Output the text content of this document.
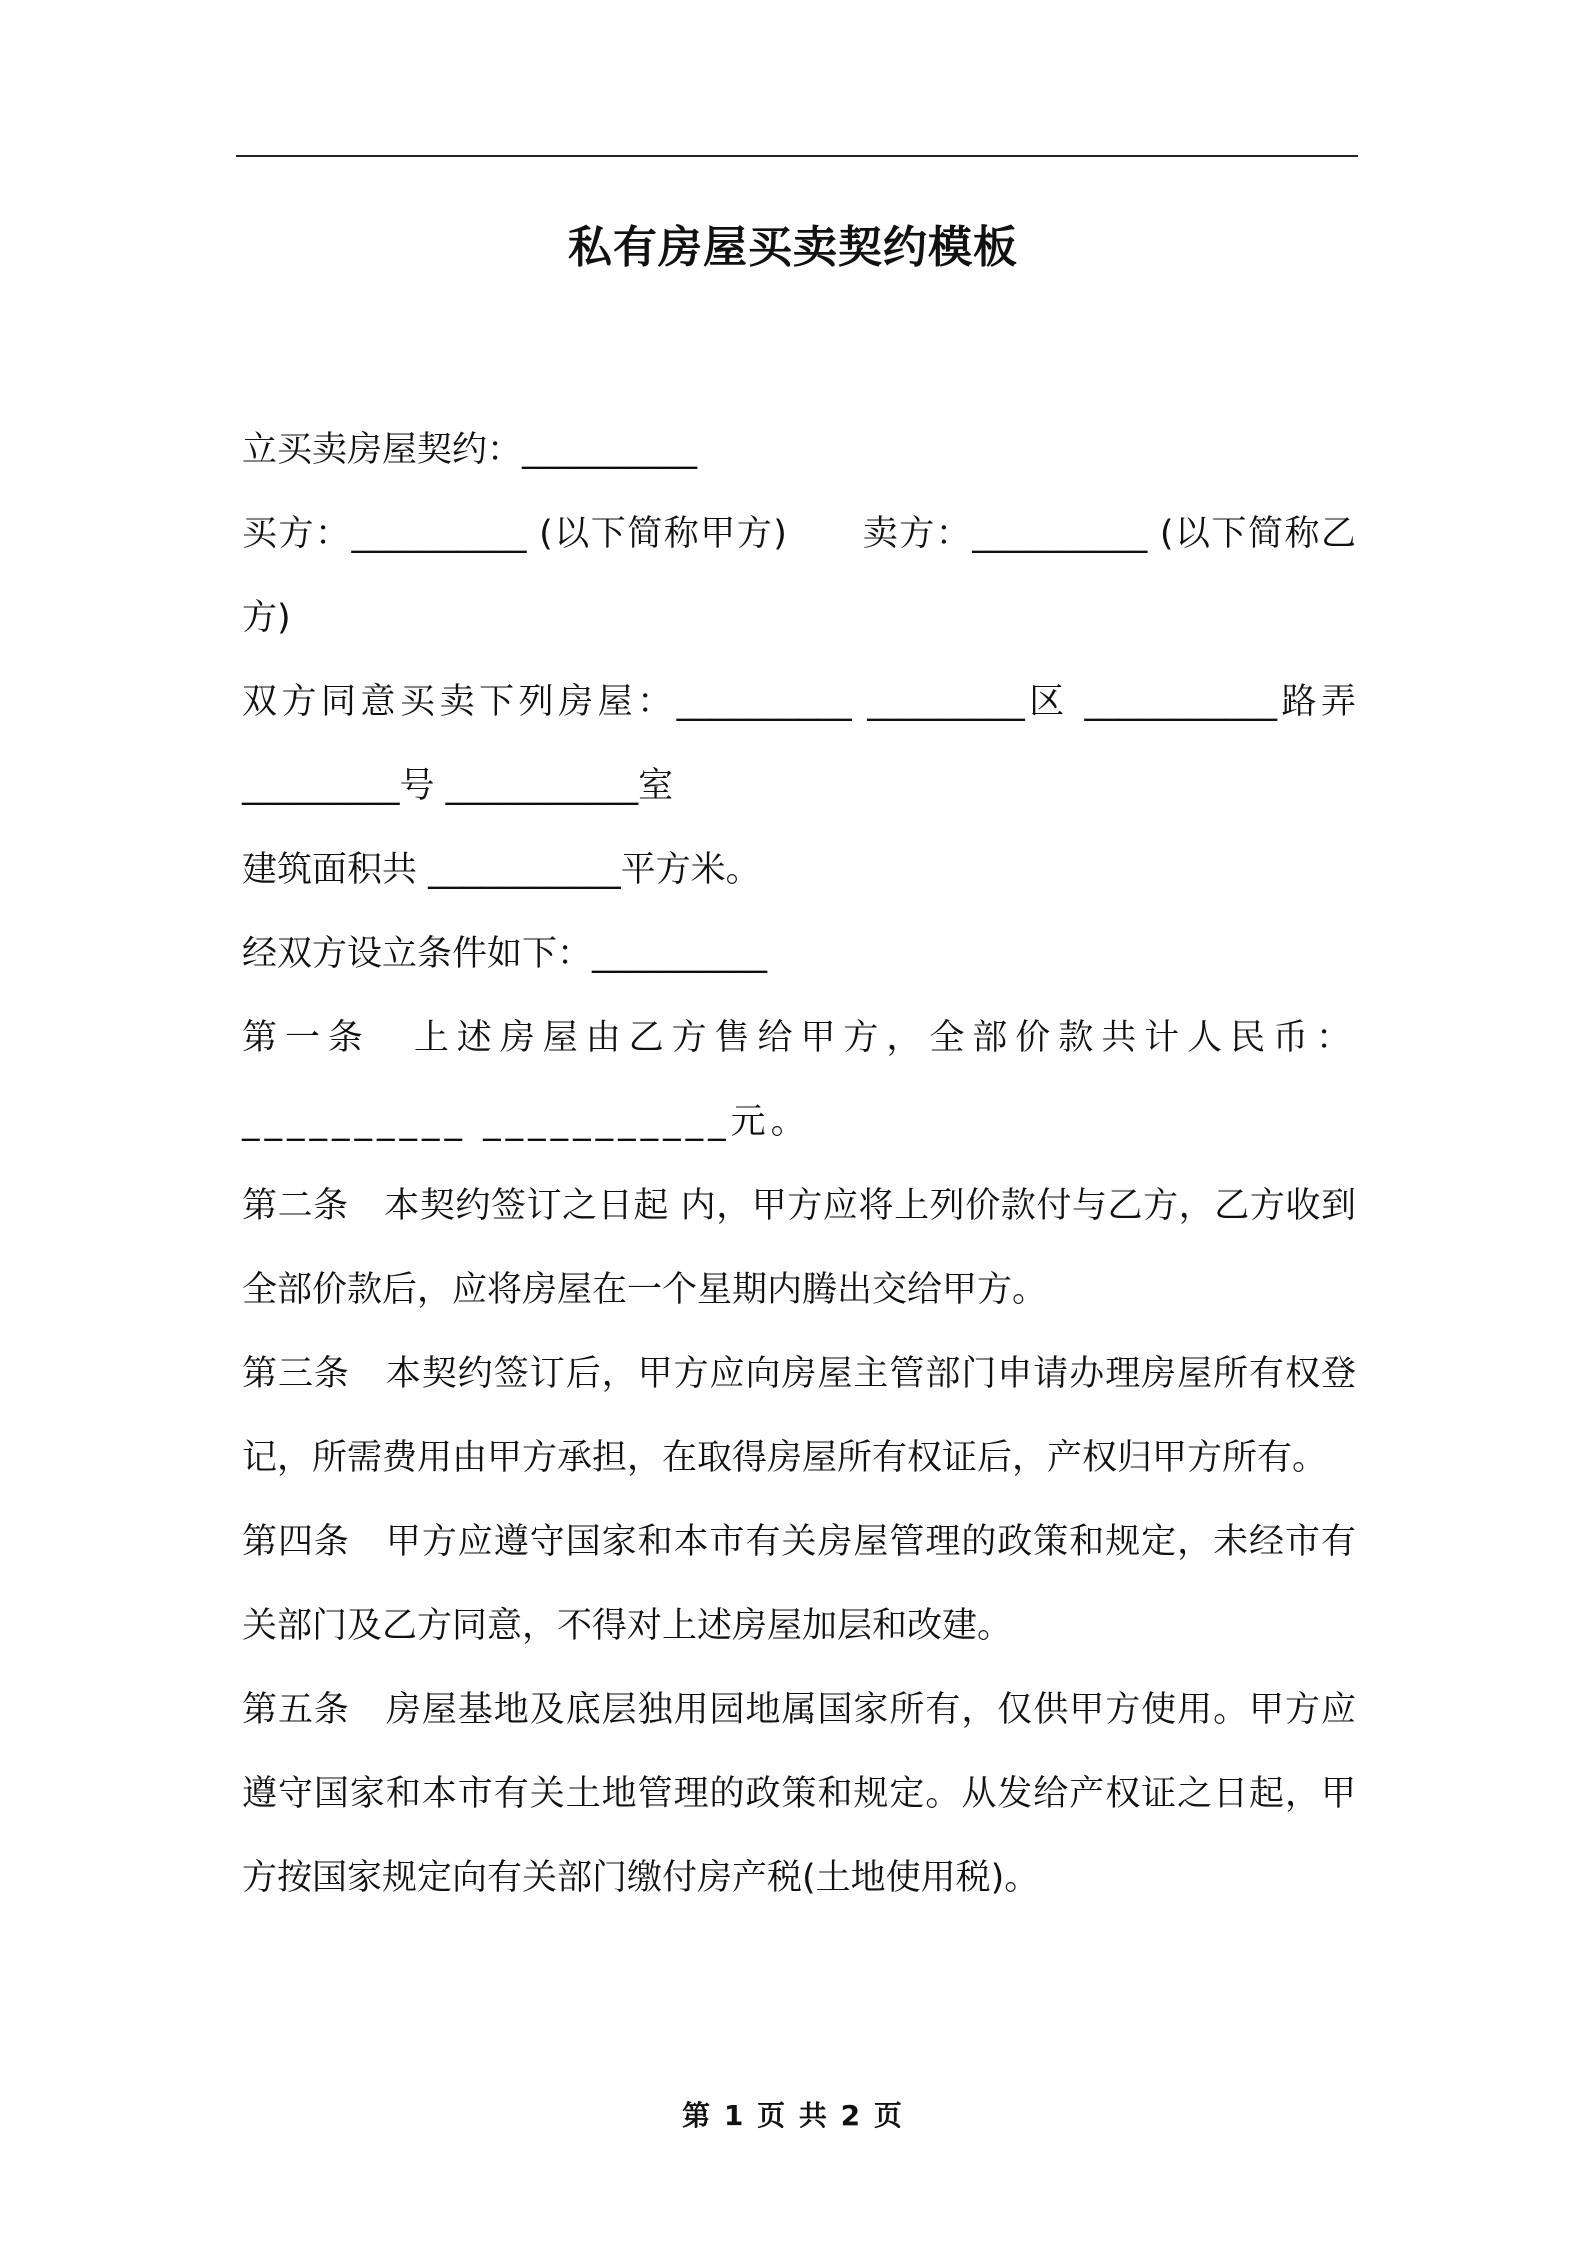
私有房屋买卖契约模板

立买卖房屋契约：__________

买方：__________ (以下简称甲方)      卖方：__________ (以下简称乙方)

双方同意买卖下列房屋：__________ _________区 ___________路弄 _________号 ___________室

建筑面积共 ___________平方米。

经双方设立条件如下：__________

第一条　上述房屋由乙方售给甲方，全部价款共计人民币：__________ ___________元。

第二条　本契约签订之日起 内，甲方应将上列价款付与乙方，乙方收到全部价款后，应将房屋在一个星期内腾出交给甲方。

第三条　本契约签订后，甲方应向房屋主管部门申请办理房屋所有权登记，所需费用由甲方承担，在取得房屋所有权证后，产权归甲方所有。

第四条　甲方应遵守国家和本市有关房屋管理的政策和规定，未经市有关部门及乙方同意，不得对上述房屋加层和改建。

第五条　房屋基地及底层独用园地属国家所有，仅供甲方使用。甲方应遵守国家和本市有关土地管理的政策和规定。从发给产权证之日起，甲方按国家规定向有关部门缴付房产税(土地使用税)。

第 1 页 共 2 页
